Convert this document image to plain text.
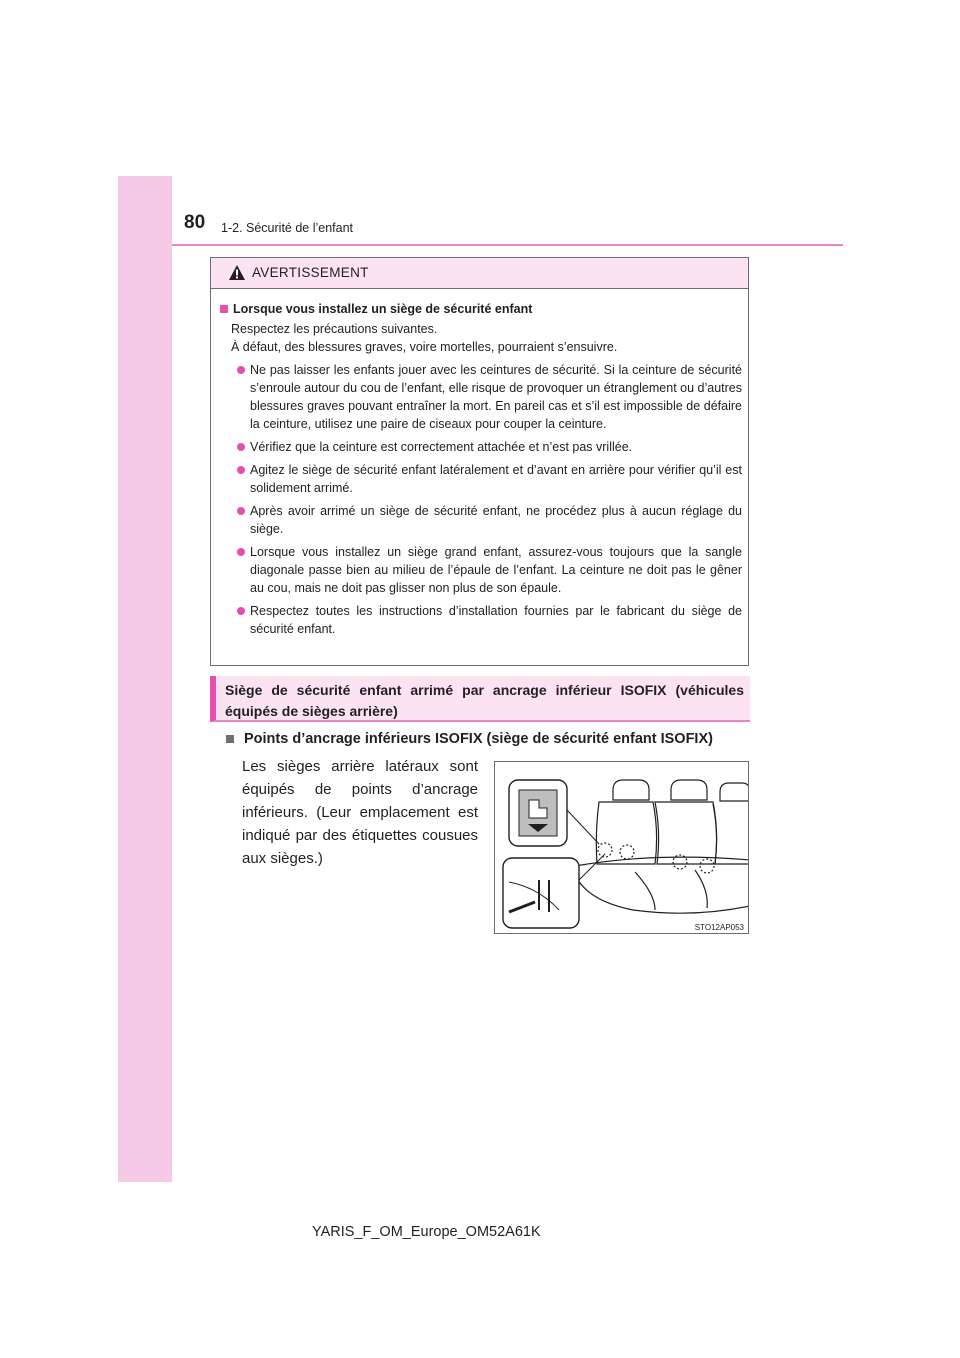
80 1-2. Sécurité de l’enfant
AVERTISSEMENT
Lorsque vous installez un siège de sécurité enfant
Respectez les précautions suivantes.
À défaut, des blessures graves, voire mortelles, pourraient s’ensuivre.
Ne pas laisser les enfants jouer avec les ceintures de sécurité. Si la ceinture de sécurité s’enroule autour du cou de l’enfant, elle risque de provoquer un étranglement ou d’autres blessures graves pouvant entraîner la mort. En pareil cas et s’il est impossible de défaire la ceinture, utilisez une paire de ciseaux pour couper la ceinture.
Vérifiez que la ceinture est correctement attachée et n’est pas vrillée.
Agitez le siège de sécurité enfant latéralement et d’avant en arrière pour vérifier qu’il est solidement arrimé.
Après avoir arrimé un siège de sécurité enfant, ne procédez plus à aucun réglage du siège.
Lorsque vous installez un siège grand enfant, assurez-vous toujours que la sangle diagonale passe bien au milieu de l’épaule de l’enfant. La ceinture ne doit pas le gêner au cou, mais ne doit pas glisser non plus de son épaule.
Respectez toutes les instructions d’installation fournies par le fabricant du siège de sécurité enfant.
Siège de sécurité enfant arrimé par ancrage inférieur ISOFIX (véhicules équipés de sièges arrière)
Points d’ancrage inférieurs ISOFIX (siège de sécurité enfant ISOFIX)
Les sièges arrière latéraux sont équipés de points d’ancrage inférieurs. (Leur emplacement est indiqué par des étiquettes cousues aux sièges.)
STO12AP053
YARIS_F_OM_Europe_OM52A61K
